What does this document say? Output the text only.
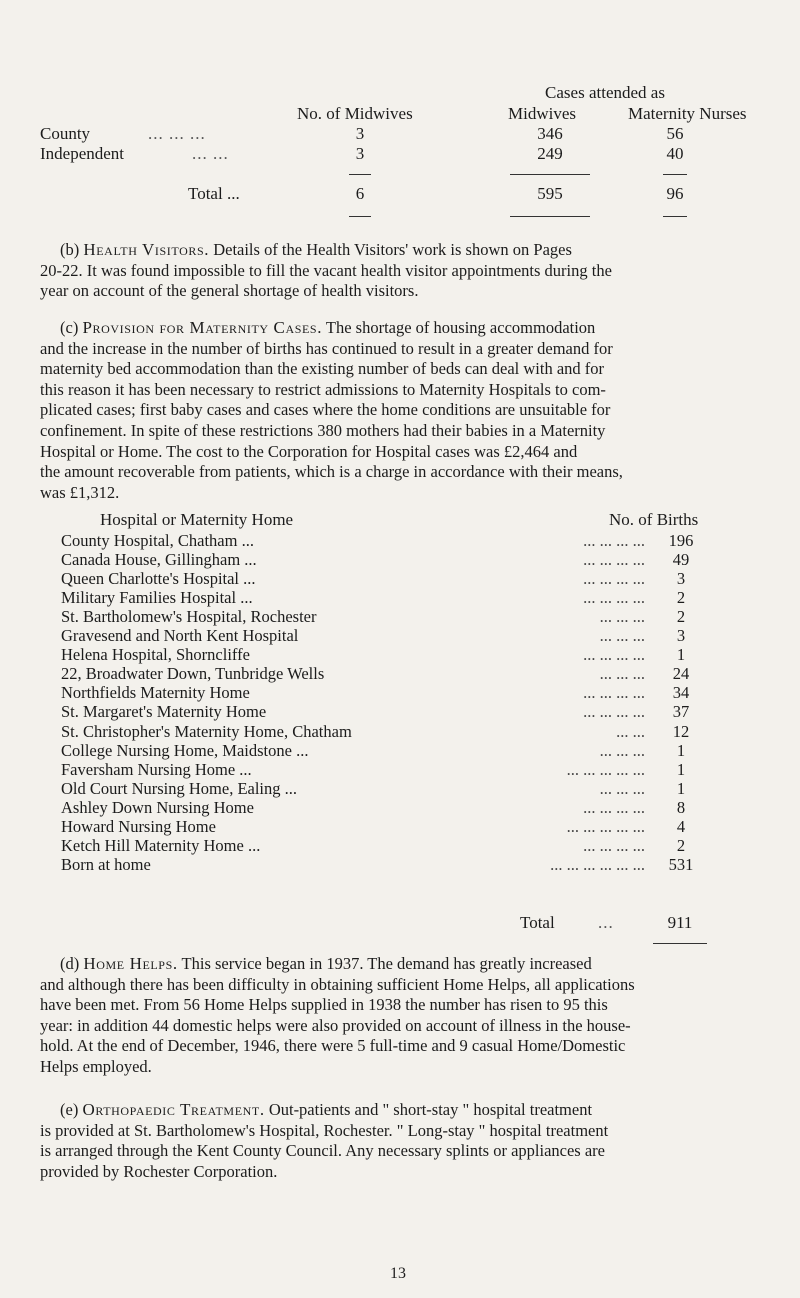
Cases attended as
No. of Midwives	Midwives	Maternity Nurses
County	... ... ...	3	346	56
Independent	... ...	3	249	40
Total ...	6	595	96
(b) Health Visitors. Details of the Health Visitors' work is shown on Pages
20-22. It was found impossible to fill the vacant health visitor appointments during the
year on account of the general shortage of health visitors.
(c) Provision for Maternity Cases. The shortage of housing accommodation
and the increase in the number of births has continued to result in a greater demand for
maternity bed accommodation than the existing number of beds can deal with and for
this reason it has been necessary to restrict admissions to Maternity Hospitals to com-
plicated cases; first baby cases and cases where the home conditions are unsuitable for
confinement. In spite of these restrictions 380 mothers had their babies in a Maternity
Hospital or Home. The cost to the Corporation for Hospital cases was £2,464 and
the amount recoverable from patients, which is a charge in accordance with their means,
was £1,312.
Hospital or Maternity Home	No. of Births
County Hospital, Chatham ...	... ... ... ...	196
Canada House, Gillingham ...	... ... ... ...	49
Queen Charlotte's Hospital ...	... ... ... ...	3
Military Families Hospital ...	... ... ... ...	2
St. Bartholomew's Hospital, Rochester	... ... ...	2
Gravesend and North Kent Hospital	... ... ...	3
Helena Hospital, Shorncliffe	... ... ... ...	1
22, Broadwater Down, Tunbridge Wells	... ... ...	24
Northfields Maternity Home	... ... ... ...	34
St. Margaret's Maternity Home	... ... ... ...	37
St. Christopher's Maternity Home, Chatham	... ...	12
College Nursing Home, Maidstone ...	... ... ...	1
Faversham Nursing Home ...	... ... ... ... ...	1
Old Court Nursing Home, Ealing ...	... ... ...	1
Ashley Down Nursing Home	... ... ... ...	8
Howard Nursing Home	... ... ... ... ...	4
Ketch Hill Maternity Home ...	... ... ... ...	2
Born at home	... ... ... ... ... ...	531
Total	...	911
(d) Home Helps. This service began in 1937. The demand has greatly increased
and although there has been difficulty in obtaining sufficient Home Helps, all applications
have been met. From 56 Home Helps supplied in 1938 the number has risen to 95 this
year: in addition 44 domestic helps were also provided on account of illness in the house-
hold. At the end of December, 1946, there were 5 full-time and 9 casual Home/Domestic
Helps employed.
(e) Orthopaedic Treatment. Out-patients and " short-stay " hospital treatment
is provided at St. Bartholomew's Hospital, Rochester. " Long-stay " hospital treatment
is arranged through the Kent County Council. Any necessary splints or appliances are
provided by Rochester Corporation.
13
